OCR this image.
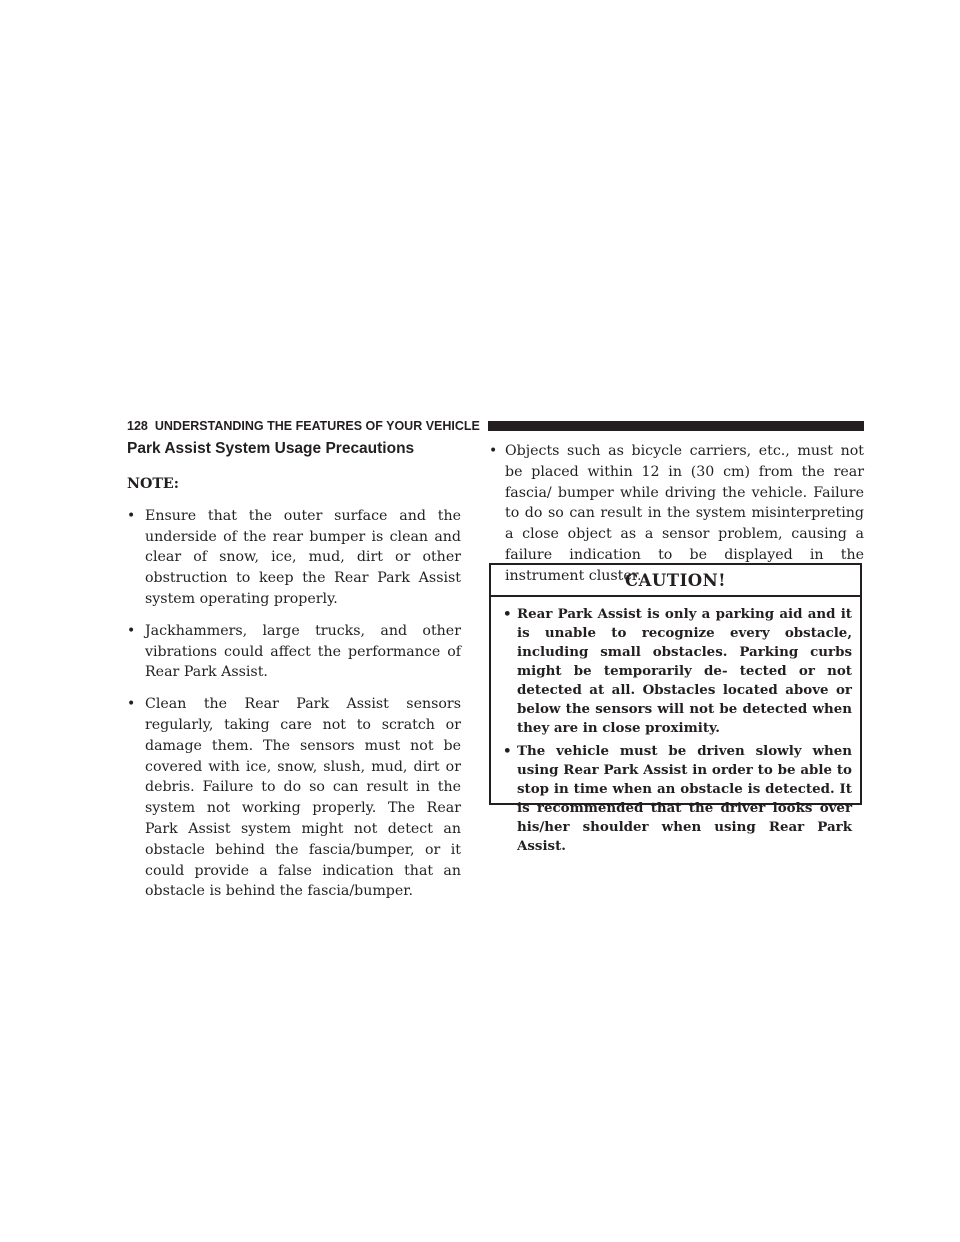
128 UNDERSTANDING THE FEATURES OF YOUR VEHICLE
Park Assist System Usage Precautions

NOTE:

• Ensure that the outer surface and the underside of the rear bumper is clean and clear of snow, ice, mud, dirt or other obstruction to keep the Rear Park Assist system operating properly.

• Jackhammers, large trucks, and other vibrations could affect the performance of Rear Park Assist.

• Clean the Rear Park Assist sensors regularly, taking care not to scratch or damage them. The sensors must not be covered with ice, snow, slush, mud, dirt or debris. Failure to do so can result in the system not working properly. The Rear Park Assist system might not detect an obstacle behind the fascia/bumper, or it could provide a false indication that an obstacle is behind the fascia/bumper.

• Objects such as bicycle carriers, etc., must not be placed within 12 in (30 cm) from the rear fascia/ bumper while driving the vehicle. Failure to do so can result in the system misinterpreting a close object as a sensor problem, causing a failure indication to be displayed in the instrument cluster.

CAUTION!

• Rear Park Assist is only a parking aid and it is unable to recognize every obstacle, including small obstacles. Parking curbs might be temporarily de- tected or not detected at all. Obstacles located above or below the sensors will not be detected when they are in close proximity.

• The vehicle must be driven slowly when using Rear Park Assist in order to be able to stop in time when an obstacle is detected. It is recommended that the driver looks over his/her shoulder when using Rear Park Assist.
